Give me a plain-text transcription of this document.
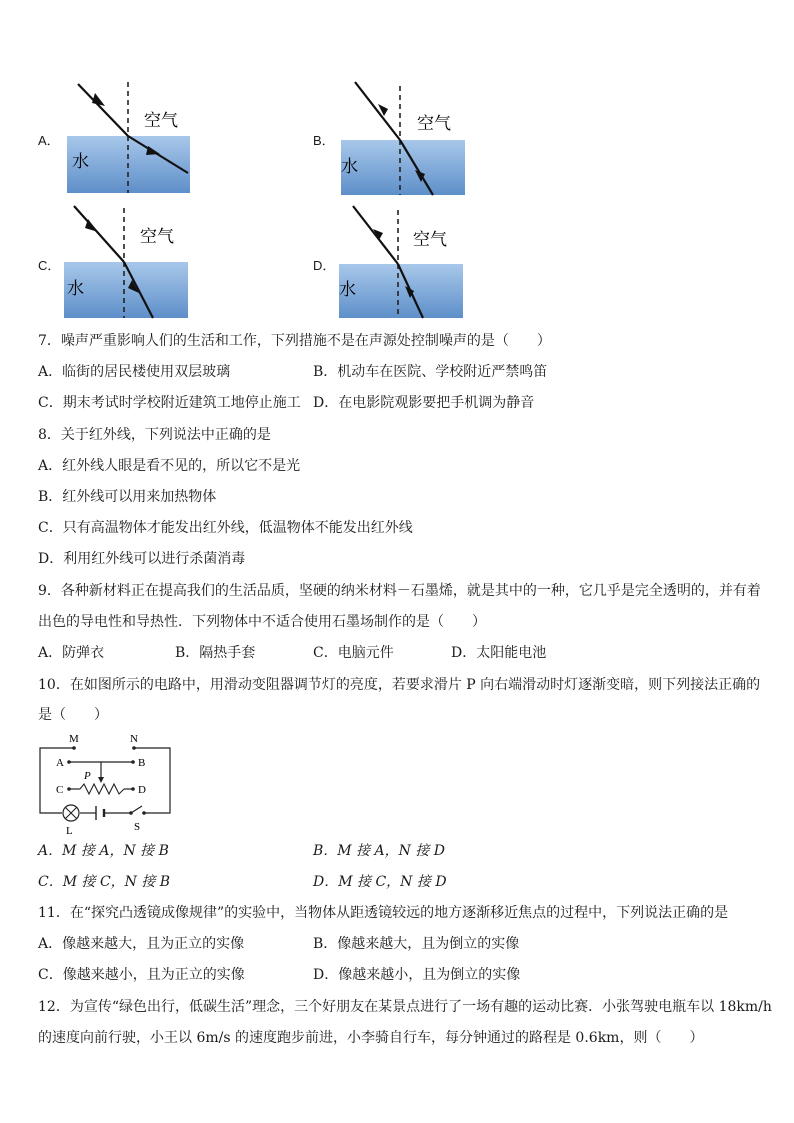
A．	B．
C．	D．
空气
水
空气
水
空气
水
空气
水
7．噪声严重影响人们的生活和工作，下列措施不是在声源处控制噪声的是（　　）
A．临街的居民楼使用双层玻璃	B．机动车在医院、学校附近严禁鸣笛
C．期末考试时学校附近建筑工地停止施工 D．在电影院观影要把手机调为静音
8．关于红外线，下列说法中正确的是
A．红外线人眼是看不见的，所以它不是光
B．红外线可以用来加热物体
C．只有高温物体才能发出红外线，低温物体不能发出红外线
D．利用红外线可以进行杀菌消毒
9．各种新材料正在提高我们的生活品质，坚硬的纳米材料－石墨烯，就是其中的一种，它几乎是完全透明的，并有着
出色的导电性和导热性．下列物体中不适合使用石墨场制作的是（　　）
A．防弹衣	B．隔热手套	C．电脑元件	D．太阳能电池
10．在如图所示的电路中，用滑动变阻器调节灯的亮度，若要求滑片 P 向右端滑动时灯逐渐变暗，则下列接法正确的
是（　　）
M	N
A	B
C	D
P
L	S
A．M 接 A，N 接 B	B．M 接 A，N 接 D
C．M 接 C，N 接 B	D．M 接 C，N 接 D
11．在“探究凸透镜成像规律”的实验中，当物体从距透镜较远的地方逐渐移近焦点的过程中，下列说法正确的是
A．像越来越大，且为正立的实像	B．像越来越大，且为倒立的实像
C．像越来越小，且为正立的实像	D．像越来越小，且为倒立的实像
12．为宣传“绿色出行，低碳生活”理念，三个好朋友在某景点进行了一场有趣的运动比赛．小张驾驶电瓶车以 18km/h
的速度向前行驶，小王以 6m/s 的速度跑步前进，小李骑自行车，每分钟通过的路程是 0.6km，则（　　）
